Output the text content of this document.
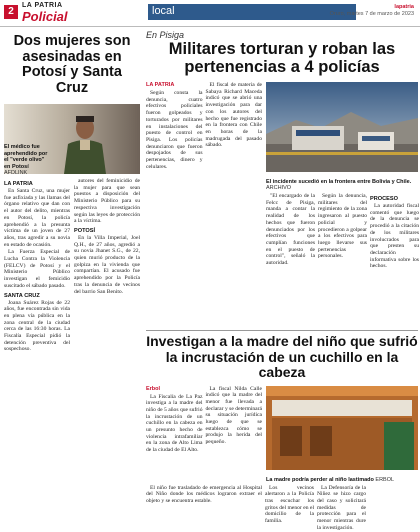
2
LA PATRIA
Policial	local	lapatria
Oruro, martes 7 de marzo de 2023
Dos mujeres son asesinadas en Potosí y Santa Cruz
El médico fue aprehendido por el "verde olivo" en Potosí AFDLINK
LA PATRIA

En Santa Cruz, una mujer fue asfixiada y las llamas del órgano relativo que dan con el autor del delito, mientras en Potosí, la policía aprehendió a la presunta víctima de un joven de 27 años, tras agredir a su novia en estado de ocasión.

La Fuerza Especial de Lucha Contra la Violencia (FELCV) de Potosí y el Ministerio Público investigan el femicidio suscitado el sábado pasado.

SANTA CRUZ

Joana Suárez Rojas de 22 años, fue encontrada sin vida en plena vía pública en la zona central de la ciudad cerca de las 16:30 horas. La Fiscalía Especial pidió la detención preventiva del sospechoso.

autores del feminicidio de la mujer para que sean puestos a disposición del Ministerio Público para su respectiva investigación según las leyes de protección a la víctima.

POTOSÍ

En la Villa Imperial, Joel Q.H., de 27 años, agredió a su novia Jhanet S.G., de 22, quien murió producto de la golpiza en la vivienda que compartían. El acusado fue aprehendido por la Policía tras la denuncia de vecinos del barrio San Benito.

En Pisiga
Militares torturan y roban las pertenencias a 4 policías
LA PATRIA

Según consta la denuncia, cuatro efectivos policiales fueron golpeados y torturados por militares en instalaciones del puesto de control en Pisiga. Los policías denunciaron que fueron despojados de sus pertenencias, dinero y celulares.

El fiscal de materia de Sabaya Richard Maceda indicó que se abrió una investigación para dar con los autores del hecho que fue registrado en la frontera con Chile en horas de la madrugada del pasado sábado.

El incidente sucedió en la frontera entre Bolivia y Chile. ARCHIVO

"El encargado de la Felcc de Pisiga, manda a contar la realidad de los hechos que fueron denunciados por los efectivos que cumplían funciones en el puesto de control", señaló la autoridad.

Según la denuncia, militares del regimiento de la zona ingresaron al puesto policial y procedieron a golpear a los efectivos para luego llevarse sus pertenencias personales.

PROCESO

La autoridad fiscal comentó que luego de la denuncia se procedió a la citación de los militares involucrados para que presten su declaración informativa sobre los hechos.

Investigan a la madre del niño que sufrió la incrustación de un cuchillo en la cabeza
Erbol

La Fiscalía de La Paz investiga a la madre del niño de 5 años que sufrió la incrustación de un cuchillo en la cabeza en un presunto hecho de violencia intrafamiliar en la zona de Alto Lima de la ciudad de El Alto.

La fiscal Nilda Calle indicó que la madre del menor fue llevada a declarar y se determinará su situación jurídica luego de que se establezca cómo se produjo la herida del pequeño.

La madre podría perder al niño lastimado ERBOL

El niño fue trasladado de emergencia al Hospital del Niño donde los médicos lograron extraer el objeto y se encuentra estable.

Los vecinos alertaron a la Policía tras escuchar los gritos del menor en el domicilio de la familia.

La Defensoría de la Niñez se hizo cargo del caso y solicitará medidas de protección para el menor mientras dure la investigación.
